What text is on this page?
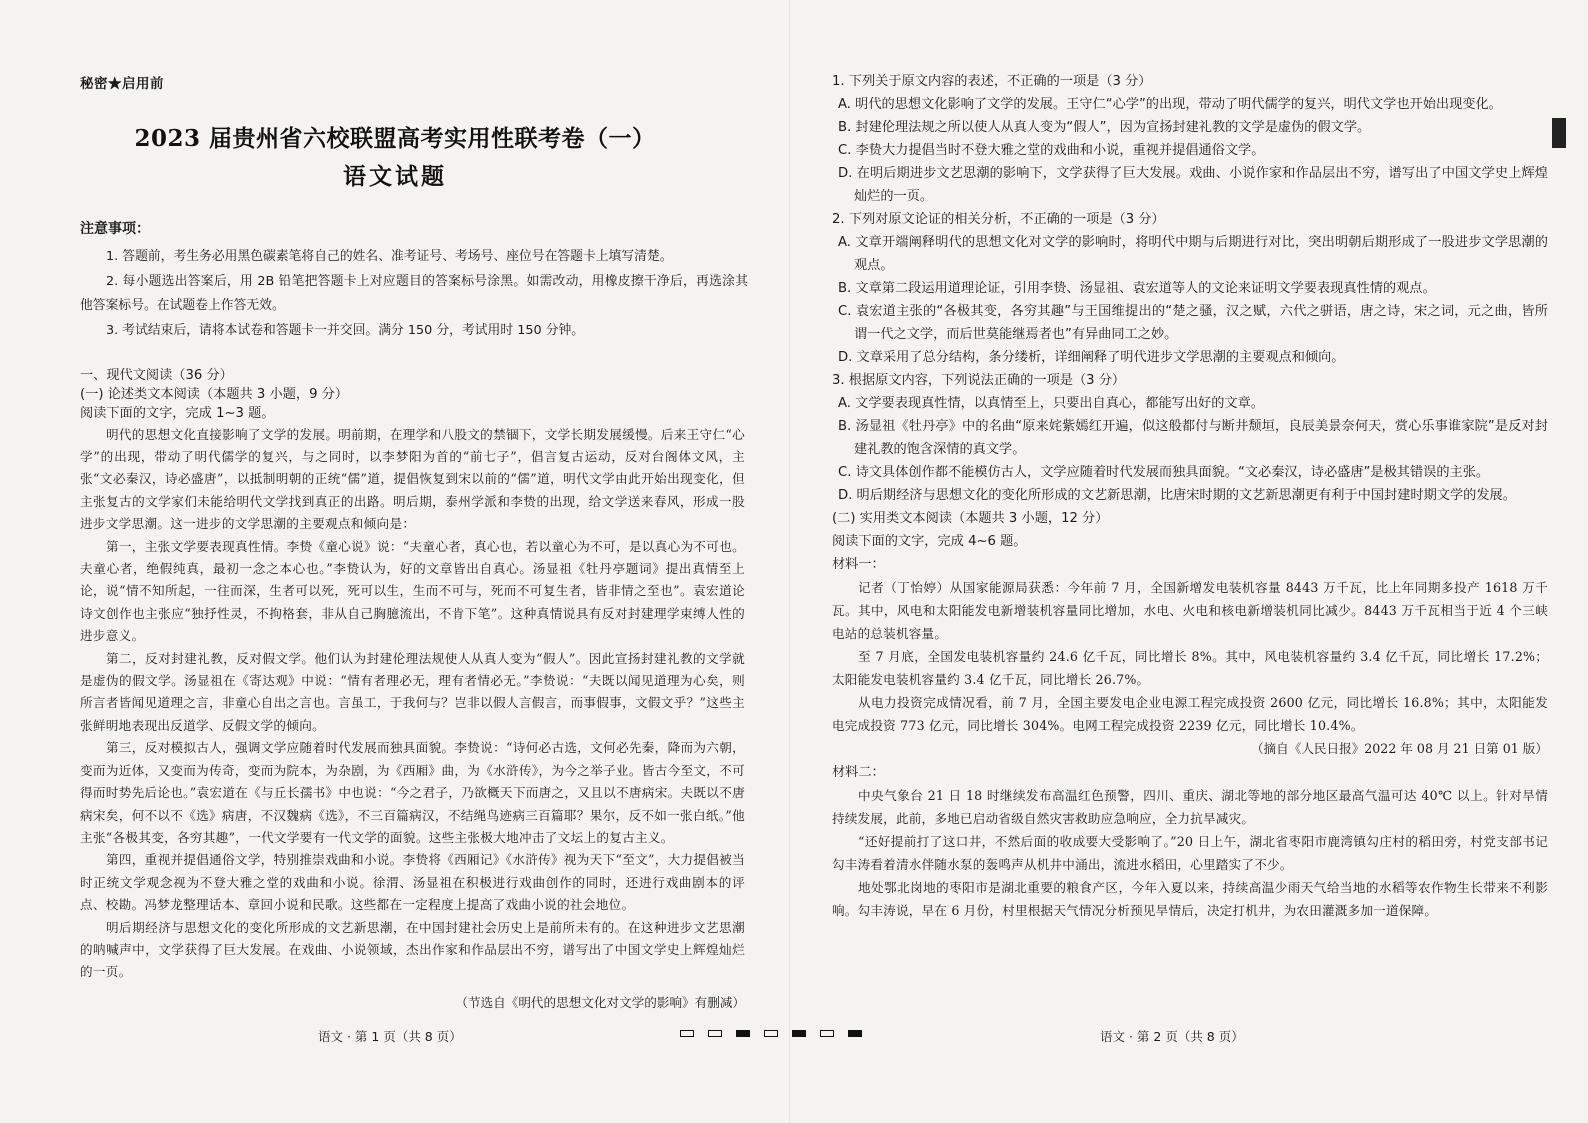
秘密★启用前
2023 届贵州省六校联盟高考实用性联考卷（一）
语文试题
注意事项：

1. 答题前，考生务必用黑色碳素笔将自己的姓名、准考证号、考场号、座位号在答题卡上填写清楚。

2. 每小题选出答案后，用 2B 铅笔把答题卡上对应题目的答案标号涂黑。如需改动，用橡皮擦干净后，再选涂其他答案标号。在试题卷上作答无效。

3. 考试结束后，请将本试卷和答题卡一并交回。满分 150 分，考试用时 150 分钟。

一、现代文阅读（36 分）
(一) 论述类文本阅读（本题共 3 小题，9 分）
阅读下面的文字，完成 1~3 题。

明代的思想文化直接影响了文学的发展。明前期，在理学和八股文的禁锢下，文学长期发展缓慢。后来王守仁“心学”的出现，带动了明代儒学的复兴，与之同时，以李梦阳为首的“前七子”，倡言复古运动，反对台阁体文风，主张“文必秦汉，诗必盛唐”，以抵制明朝的正统“儒”道，提倡恢复到宋以前的“儒”道，明代文学由此开始出现变化，但主张复古的文学家们未能给明代文学找到真正的出路。明后期，泰州学派和李贽的出现，给文学送来春风，形成一股进步文学思潮。这一进步的文学思潮的主要观点和倾向是：

第一，主张文学要表现真性情。李贽《童心说》说：“夫童心者，真心也，若以童心为不可，是以真心为不可也。夫童心者，绝假纯真，最初一念之本心也。”李贽认为，好的文章皆出自真心。汤显祖《牡丹亭题词》提出真情至上论，说“情不知所起，一往而深，生者可以死，死可以生，生而不可与，死而不可复生者，皆非情之至也”。袁宏道论诗文创作也主张应“独抒性灵，不拘格套，非从自己胸臆流出，不肯下笔”。这种真情说具有反对封建理学束缚人性的进步意义。

第二，反对封建礼教，反对假文学。他们认为封建伦理法规使人从真人变为“假人”。因此宣扬封建礼教的文学就是虚伪的假文学。汤显祖在《寄达观》中说：“情有者理必无，理有者情必无。”李贽说：“夫既以闻见道理为心矣，则所言者皆闻见道理之言，非童心自出之言也。言虽工，于我何与？岂非以假人言假言，而事假事，文假文乎？”这些主张鲜明地表现出反道学、反假文学的倾向。

第三，反对模拟古人，强调文学应随着时代发展而独具面貌。李贽说：“诗何必古选，文何必先秦，降而为六朝，变而为近体，又变而为传奇，变而为院本，为杂剧，为《西厢》曲，为《水浒传》，为今之举子业。皆古今至文，不可得而时势先后论也。”袁宏道在《与丘长孺书》中也说：“今之君子，乃欲概天下而唐之，又且以不唐病宋。夫既以不唐病宋矣，何不以不《选》病唐，不汉魏病《选》，不三百篇病汉，不结绳鸟迹病三百篇耶？果尔，反不如一张白纸。”他主张“各极其变，各穷其趣”，一代文学要有一代文学的面貌。这些主张极大地冲击了文坛上的复古主义。

第四，重视并提倡通俗文学，特别推崇戏曲和小说。李贽将《西厢记》《水浒传》视为天下“至文”，大力提倡被当时正统文学观念视为不登大雅之堂的戏曲和小说。徐渭、汤显祖在积极进行戏曲创作的同时，还进行戏曲剧本的评点、校勘。冯梦龙整理话本、章回小说和民歌。这些都在一定程度上提高了戏曲小说的社会地位。

明后期经济与思想文化的变化所形成的文艺新思潮，在中国封建社会历史上是前所未有的。在这种进步文艺思潮的呐喊声中，文学获得了巨大发展。在戏曲、小说领域，杰出作家和作品层出不穷，谱写出了中国文学史上辉煌灿烂的一页。

（节选自《明代的思想文化对文学的影响》有删减）
语文 · 第 1 页（共 8 页）
1. 下列关于原文内容的表述，不正确的一项是（3 分）
A. 明代的思想文化影响了文学的发展。王守仁“心学”的出现，带动了明代儒学的复兴，明代文学也开始出现变化。
B. 封建伦理法规之所以使人从真人变为“假人”，因为宣扬封建礼教的文学是虚伪的假文学。
C. 李贽大力提倡当时不登大雅之堂的戏曲和小说，重视并提倡通俗文学。
D. 在明后期进步文艺思潮的影响下，文学获得了巨大发展。戏曲、小说作家和作品层出不穷，谱写出了中国文学史上辉煌灿烂的一页。
2. 下列对原文论证的相关分析，不正确的一项是（3 分）
A. 文章开端阐释明代的思想文化对文学的影响时，将明代中期与后期进行对比，突出明朝后期形成了一股进步文学思潮的观点。
B. 文章第二段运用道理论证，引用李贽、汤显祖、袁宏道等人的文论来证明文学要表现真性情的观点。
C. 袁宏道主张的“各极其变，各穷其趣”与王国维提出的“楚之骚，汉之赋，六代之骈语，唐之诗，宋之词，元之曲，皆所谓一代之文学，而后世莫能继焉者也”有异曲同工之妙。
D. 文章采用了总分结构，条分缕析，详细阐释了明代进步文学思潮的主要观点和倾向。
3. 根据原文内容，下列说法正确的一项是（3 分）
A. 文学要表现真性情，以真情至上，只要出自真心，都能写出好的文章。
B. 汤显祖《牡丹亭》中的名曲“原来姹紫嫣红开遍，似这般都付与断井颓垣，良辰美景奈何天，赏心乐事谁家院”是反对封建礼教的饱含深情的真文学。
C. 诗文具体创作都不能模仿古人，文学应随着时代发展而独具面貌。“文必秦汉，诗必盛唐”是极其错误的主张。
D. 明后期经济与思想文化的变化所形成的文艺新思潮，比唐宋时期的文艺新思潮更有利于中国封建时期文学的发展。
(二) 实用类文本阅读（本题共 3 小题，12 分）
阅读下面的文字，完成 4~6 题。
材料一：

记者（丁怡婷）从国家能源局获悉：今年前 7 月，全国新增发电装机容量 8443 万千瓦，比上年同期多投产 1618 万千瓦。其中，风电和太阳能发电新增装机容量同比增加，水电、火电和核电新增装机同比减少。8443 万千瓦相当于近 4 个三峡电站的总装机容量。

至 7 月底，全国发电装机容量约 24.6 亿千瓦，同比增长 8%。其中，风电装机容量约 3.4 亿千瓦，同比增长 17.2%；太阳能发电装机容量约 3.4 亿千瓦，同比增长 26.7%。

从电力投资完成情况看，前 7 月，全国主要发电企业电源工程完成投资 2600 亿元，同比增长 16.8%；其中，太阳能发电完成投资 773 亿元，同比增长 304%。电网工程完成投资 2239 亿元，同比增长 10.4%。

（摘自《人民日报》2022 年 08 月 21 日第 01 版）
材料二：

中央气象台 21 日 18 时继续发布高温红色预警，四川、重庆、湖北等地的部分地区最高气温可达 40℃ 以上。针对旱情持续发展，此前，多地已启动省级自然灾害救助应急响应，全力抗旱减灾。

“还好提前打了这口井，不然后面的收成要大受影响了。”20 日上午，湖北省枣阳市鹿湾镇勾庄村的稻田旁，村党支部书记勾丰涛看着清水伴随水泵的轰鸣声从机井中涌出，流进水稻田，心里踏实了不少。

地处鄂北岗地的枣阳市是湖北重要的粮食产区，今年入夏以来，持续高温少雨天气给当地的水稻等农作物生长带来不利影响。勾丰涛说，早在 6 月份，村里根据天气情况分析预见旱情后，决定打机井，为农田灌溉多加一道保障。

语文 · 第 2 页（共 8 页）
